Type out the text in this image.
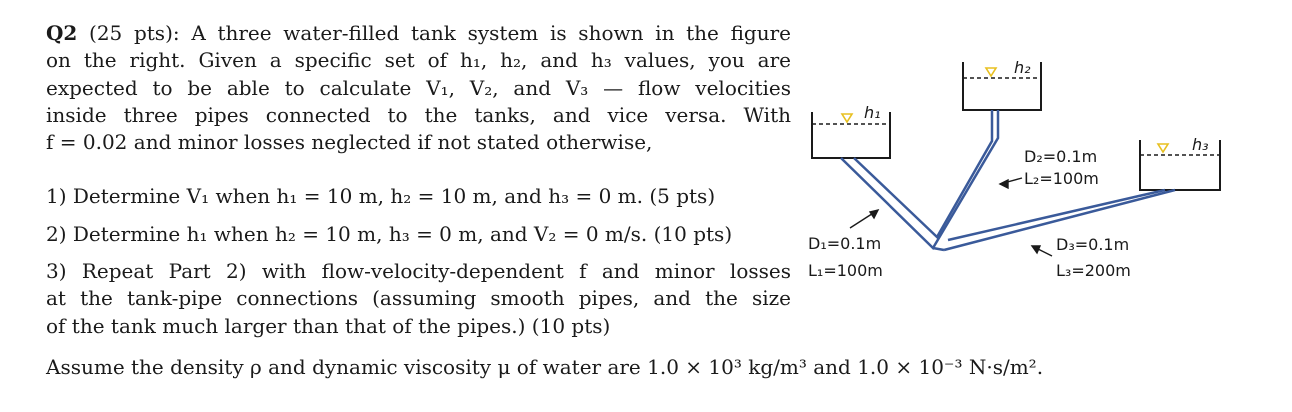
Q2 (25 pts): A three water-filled tank system is shown in the figure
on the right. Given a specific set of h₁, h₂, and h₃ values, you are
expected to be able to calculate V₁, V₂, and V₃ — flow velocities
inside three pipes connected to the tanks, and vice versa. With
f = 0.02 and minor losses neglected if not stated otherwise,
1) Determine V₁ when h₁ = 10 m, h₂ = 10 m, and h₃ = 0 m. (5 pts)
2) Determine h₁ when h₂ = 10 m, h₃ = 0 m, and V₂ = 0 m/s. (10 pts)
3) Repeat Part 2) with flow-velocity-dependent f and minor losses
at the tank-pipe connections (assuming smooth pipes, and the size
of the tank much larger than that of the pipes.) (10 pts)
Assume the density ρ and dynamic viscosity μ of water are 1.0 × 10³ kg/m³ and 1.0 × 10⁻³ N·s/m².
h₁
h₂
h₃
D₁=0.1m
L₁=100m
D₂=0.1m
L₂=100m
D₃=0.1m
L₃=200m
